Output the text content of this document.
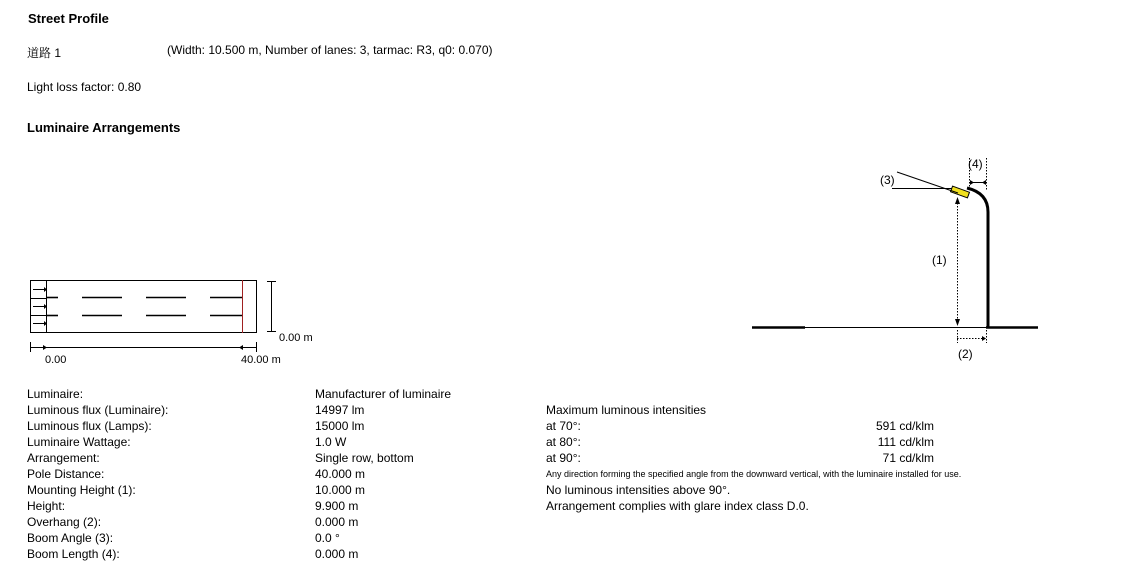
Street Profile
道路 1	(Width: 10.500 m, Number of lanes: 3, tarmac: R3, q0: 0.070)
Light loss factor: 0.80
Luminaire Arrangements
0.00 m
0.00	40.00 m
(3)
(4)
(1)
(2)
Luminaire:	Manufacturer of luminaire
Luminous flux (Luminaire):	14997 lm
Luminous flux (Lamps):	15000 lm
Luminaire Wattage:	1.0 W
Arrangement:	Single row, bottom
Pole Distance:	40.000 m
Mounting Height (1):	10.000 m
Height:	9.900 m
Overhang (2):	0.000 m
Boom Angle (3):	0.0 °
Boom Length (4):	0.000 m
Maximum luminous intensities
at 70°:	591 cd/klm
at 80°:	111 cd/klm
at 90°:	71 cd/klm
Any direction forming the specified angle from the downward vertical, with the luminaire installed for use.
No luminous intensities above 90°.
Arrangement complies with glare index class D.0.
